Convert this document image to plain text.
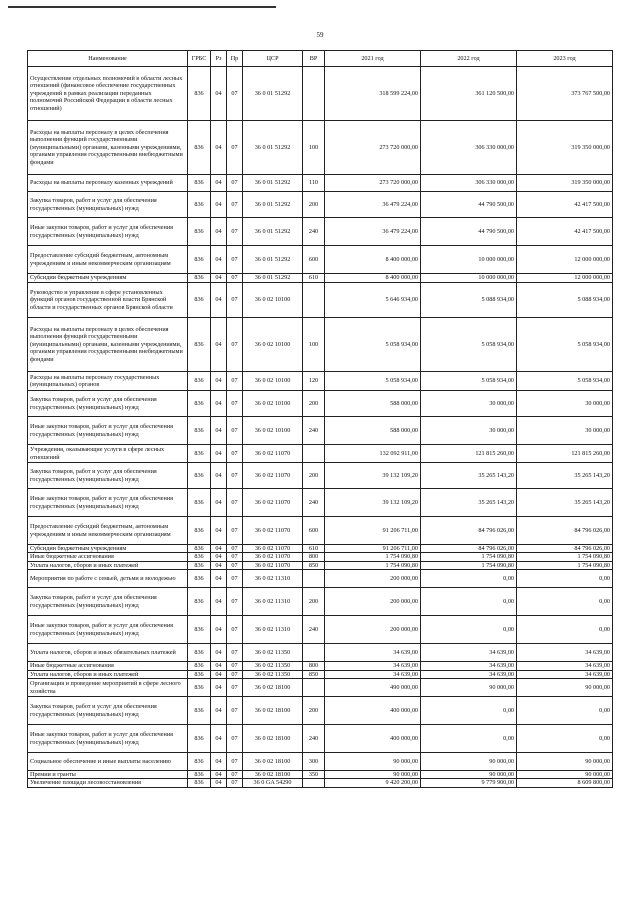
59
Наименование	ГРБС	Рз	Пр	ЦСР	ВР	2021 год	2022 год	2023 год
Осуществление отдельных полномочий в области лесных отношений (финансовое обеспечение государственных учреждений в рамках реализации переданных полномочий Российской Федерации в области лесных отношений)	836	04	07	36 0 01 51292		318 599 224,00	361 120 500,00	373 767 500,00
Расходы на выплаты персоналу в целях обеспечения выполнения функций государственными (муниципальными) органами, казенными учреждениями, органами управления государственными внебюджетными фондами	836	04	07	36 0 01 51292	100	273 720 000,00	306 330 000,00	319 350 000,00
Расходы на выплаты персоналу казенных учреждений	836	04	07	36 0 01 51292	110	273 720 000,00	306 330 000,00	319 350 000,00
Закупка товаров, работ и услуг для обеспечения государственных (муниципальных) нужд	836	04	07	36 0 01 51292	200	36 479 224,00	44 790 500,00	42 417 500,00
Иные закупки товаров, работ и услуг для обеспечения государственных (муниципальных) нужд	836	04	07	36 0 01 51292	240	36 479 224,00	44 790 500,00	42 417 500,00
Предоставление субсидий бюджетным, автономным учреждениям и иным некоммерческим организациям	836	04	07	36 0 01 51292	600	8 400 000,00	10 000 000,00	12 000 000,00
Субсидии бюджетным учреждениям	836	04	07	36 0 01 51292	610	8 400 000,00	10 000 000,00	12 000 000,00
Руководство и управление в сфере установленных функций органов государственной власти Брянской области и государственных органов Брянской области	836	04	07	36 0 02 10100		5 646 934,00	5 088 934,00	5 088 934,00
Расходы на выплаты персоналу в целях обеспечения выполнения функций государственными (муниципальными) органами, казенными учреждениями, органами управления государственными внебюджетными фондами	836	04	07	36 0 02 10100	100	5 058 934,00	5 058 934,00	5 058 934,00
Расходы на выплаты персоналу государственных (муниципальных) органов	836	04	07	36 0 02 10100	120	5 058 934,00	5 058 934,00	5 058 934,00
Закупка товаров, работ и услуг для обеспечения государственных (муниципальных) нужд	836	04	07	36 0 02 10100	200	588 000,00	30 000,00	30 000,00
Иные закупки товаров, работ и услуг для обеспечения государственных (муниципальных) нужд	836	04	07	36 0 02 10100	240	588 000,00	30 000,00	30 000,00
Учреждения, оказывающие услуги в сфере лесных отношений	836	04	07	36 0 02 11070		132 092 911,00	121 815 260,00	121 815 260,00
Закупка товаров, работ и услуг для обеспечения государственных (муниципальных) нужд	836	04	07	36 0 02 11070	200	39 132 109,20	35 265 143,20	35 265 143,20
Иные закупки товаров, работ и услуг для обеспечения государственных (муниципальных) нужд	836	04	07	36 0 02 11070	240	39 132 109,20	35 265 143,20	35 265 143,20
Предоставление субсидий бюджетным, автономным учреждениям и иным некоммерческим организациям	836	04	07	36 0 02 11070	600	91 206 711,00	84 796 026,00	84 796 026,00
Субсидии бюджетным учреждениям	836	04	07	36 0 02 11070	610	91 206 711,00	84 796 026,00	84 796 026,00
Иные бюджетные ассигнования	836	04	07	36 0 02 11070	800	1 754 090,80	1 754 090,80	1 754 090,80
Уплата налогов, сборов и иных платежей	836	04	07	36 0 02 11070	850	1 754 090,80	1 754 090,80	1 754 090,80
Мероприятия по работе с семьей, детьми и молодежью	836	04	07	36 0 02 11310		200 000,00	0,00	0,00
Закупка товаров, работ и услуг для обеспечения государственных (муниципальных) нужд	836	04	07	36 0 02 11310	200	200 000,00	0,00	0,00
Иные закупки товаров, работ и услуг для обеспечения государственных (муниципальных) нужд	836	04	07	36 0 02 11310	240	200 000,00	0,00	0,00
Уплата налогов, сборов и иных обязательных платежей	836	04	07	36 0 02 11350		34 639,00	34 639,00	34 639,00
Иные бюджетные ассигнования	836	04	07	36 0 02 11350	800	34 639,00	34 639,00	34 639,00
Уплата налогов, сборов и иных платежей	836	04	07	36 0 02 11350	850	34 639,00	34 639,00	34 639,00
Организация и проведение мероприятий в сфере лесного хозяйства	836	04	07	36 0 02 18100		490 000,00	90 000,00	90 000,00
Закупка товаров, работ и услуг для обеспечения государственных (муниципальных) нужд	836	04	07	36 0 02 18100	200	400 000,00	0,00	0,00
Иные закупки товаров, работ и услуг для обеспечения государственных (муниципальных) нужд	836	04	07	36 0 02 18100	240	400 000,00	0,00	0,00
Социальное обеспечение и иные выплаты населению	836	04	07	36 0 02 18100	300	90 000,00	90 000,00	90 000,00
Премии и гранты	836	04	07	36 0 02 18100	350	90 000,00	90 000,00	90 000,00
Увеличение площади лесовосстановления	836	04	07	36 0 GA 54290		9 420 200,00	9 779 900,00	8 609 800,00
